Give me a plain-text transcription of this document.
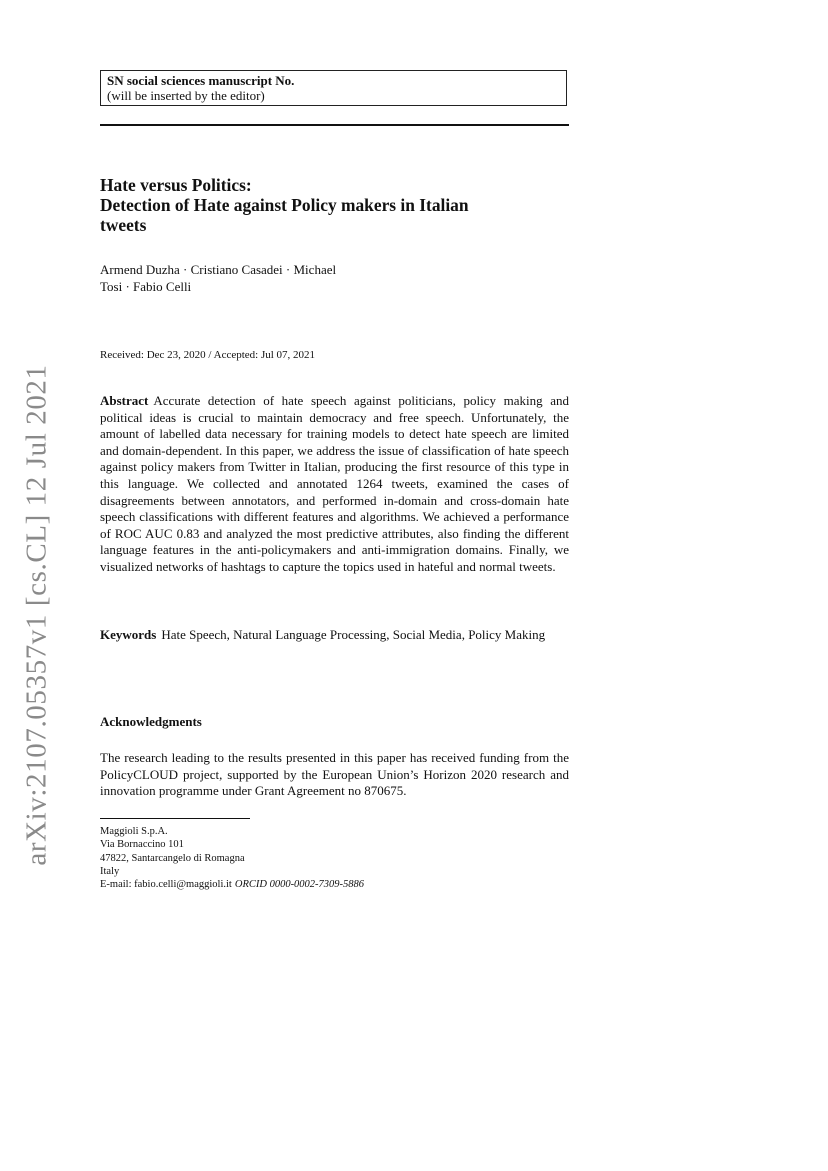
arXiv:2107.05357v1 [cs.CL] 12 Jul 2021
SN social sciences manuscript No.
(will be inserted by the editor)
Hate versus Politics:
Detection of Hate against Policy makers in Italian
tweets
Armend Duzha · Cristiano Casadei · Michael
Tosi · Fabio Celli
Received: Dec 23, 2020 / Accepted: Jul 07, 2021
Abstract Accurate detection of hate speech against politicians, policy making and political ideas is crucial to maintain democracy and free speech. Unfortunately, the amount of labelled data necessary for training models to detect hate speech are limited and domain-dependent. In this paper, we address the issue of classification of hate speech against policy makers from Twitter in Italian, producing the first resource of this type in this language. We collected and annotated 1264 tweets, examined the cases of disagreements between annotators, and performed in-domain and cross-domain hate speech classifications with different features and algorithms. We achieved a performance of ROC AUC 0.83 and analyzed the most predictive attributes, also finding the different language features in the anti-policymakers and anti-immigration domains. Finally, we visualized networks of hashtags to capture the topics used in hateful and normal tweets.
Keywords Hate Speech, Natural Language Processing, Social Media, Policy Making
Acknowledgments
The research leading to the results presented in this paper has received funding from the PolicyCLOUD project, supported by the European Union’s Horizon 2020 research and innovation programme under Grant Agreement no 870675.
Maggioli S.p.A.
Via Bornaccino 101
47822, Santarcangelo di Romagna
Italy
E-mail: fabio.celli@maggioli.it ORCID 0000-0002-7309-5886
